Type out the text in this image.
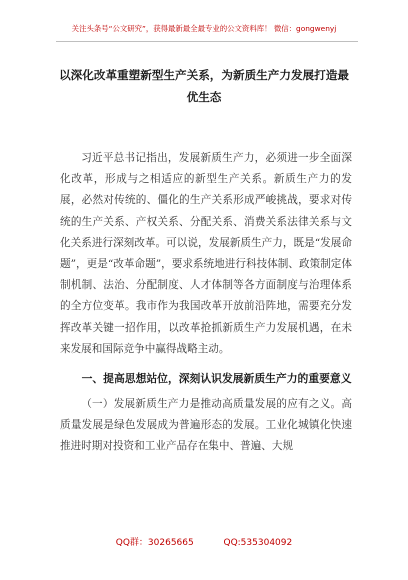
关注头条号“公文研究”，获得最新最全最专业的公文资料库！ 微信：gongwenyj
以深化改革重塑新型生产关系，为新质生产力发展打造最优生态

习近平总书记指出，发展新质生产力，必须进一步全面深化改革，形成与之相适应的新型生产关系。新质生产力的发展，必然对传统的、僵化的生产关系形成严峻挑战，要求对传统的生产关系、产权关系、分配关系、消费关系法律关系与文化关系进行深刻改革。可以说，发展新质生产力，既是“发展命题”，更是“改革命题”，要求系统地进行科技体制、政策制定体制机制、法治、分配制度、人才体制等各方面制度与治理体系的全方位变革。我市作为我国改革开放前沿阵地，需要充分发挥改革关键一招作用，以改革抢抓新质生产力发展机遇，在未来发展和国际竞争中赢得战略主动。

一、提高思想站位，深刻认识发展新质生产力的重要意义

（一）发展新质生产力是推动高质量发展的应有之义。高质量发展是绿色发展成为普遍形态的发展。工业化城镇化快速推进时期对投资和工业产品存在集中、普遍、大规

QQ群：30265665	QQ:535304092
